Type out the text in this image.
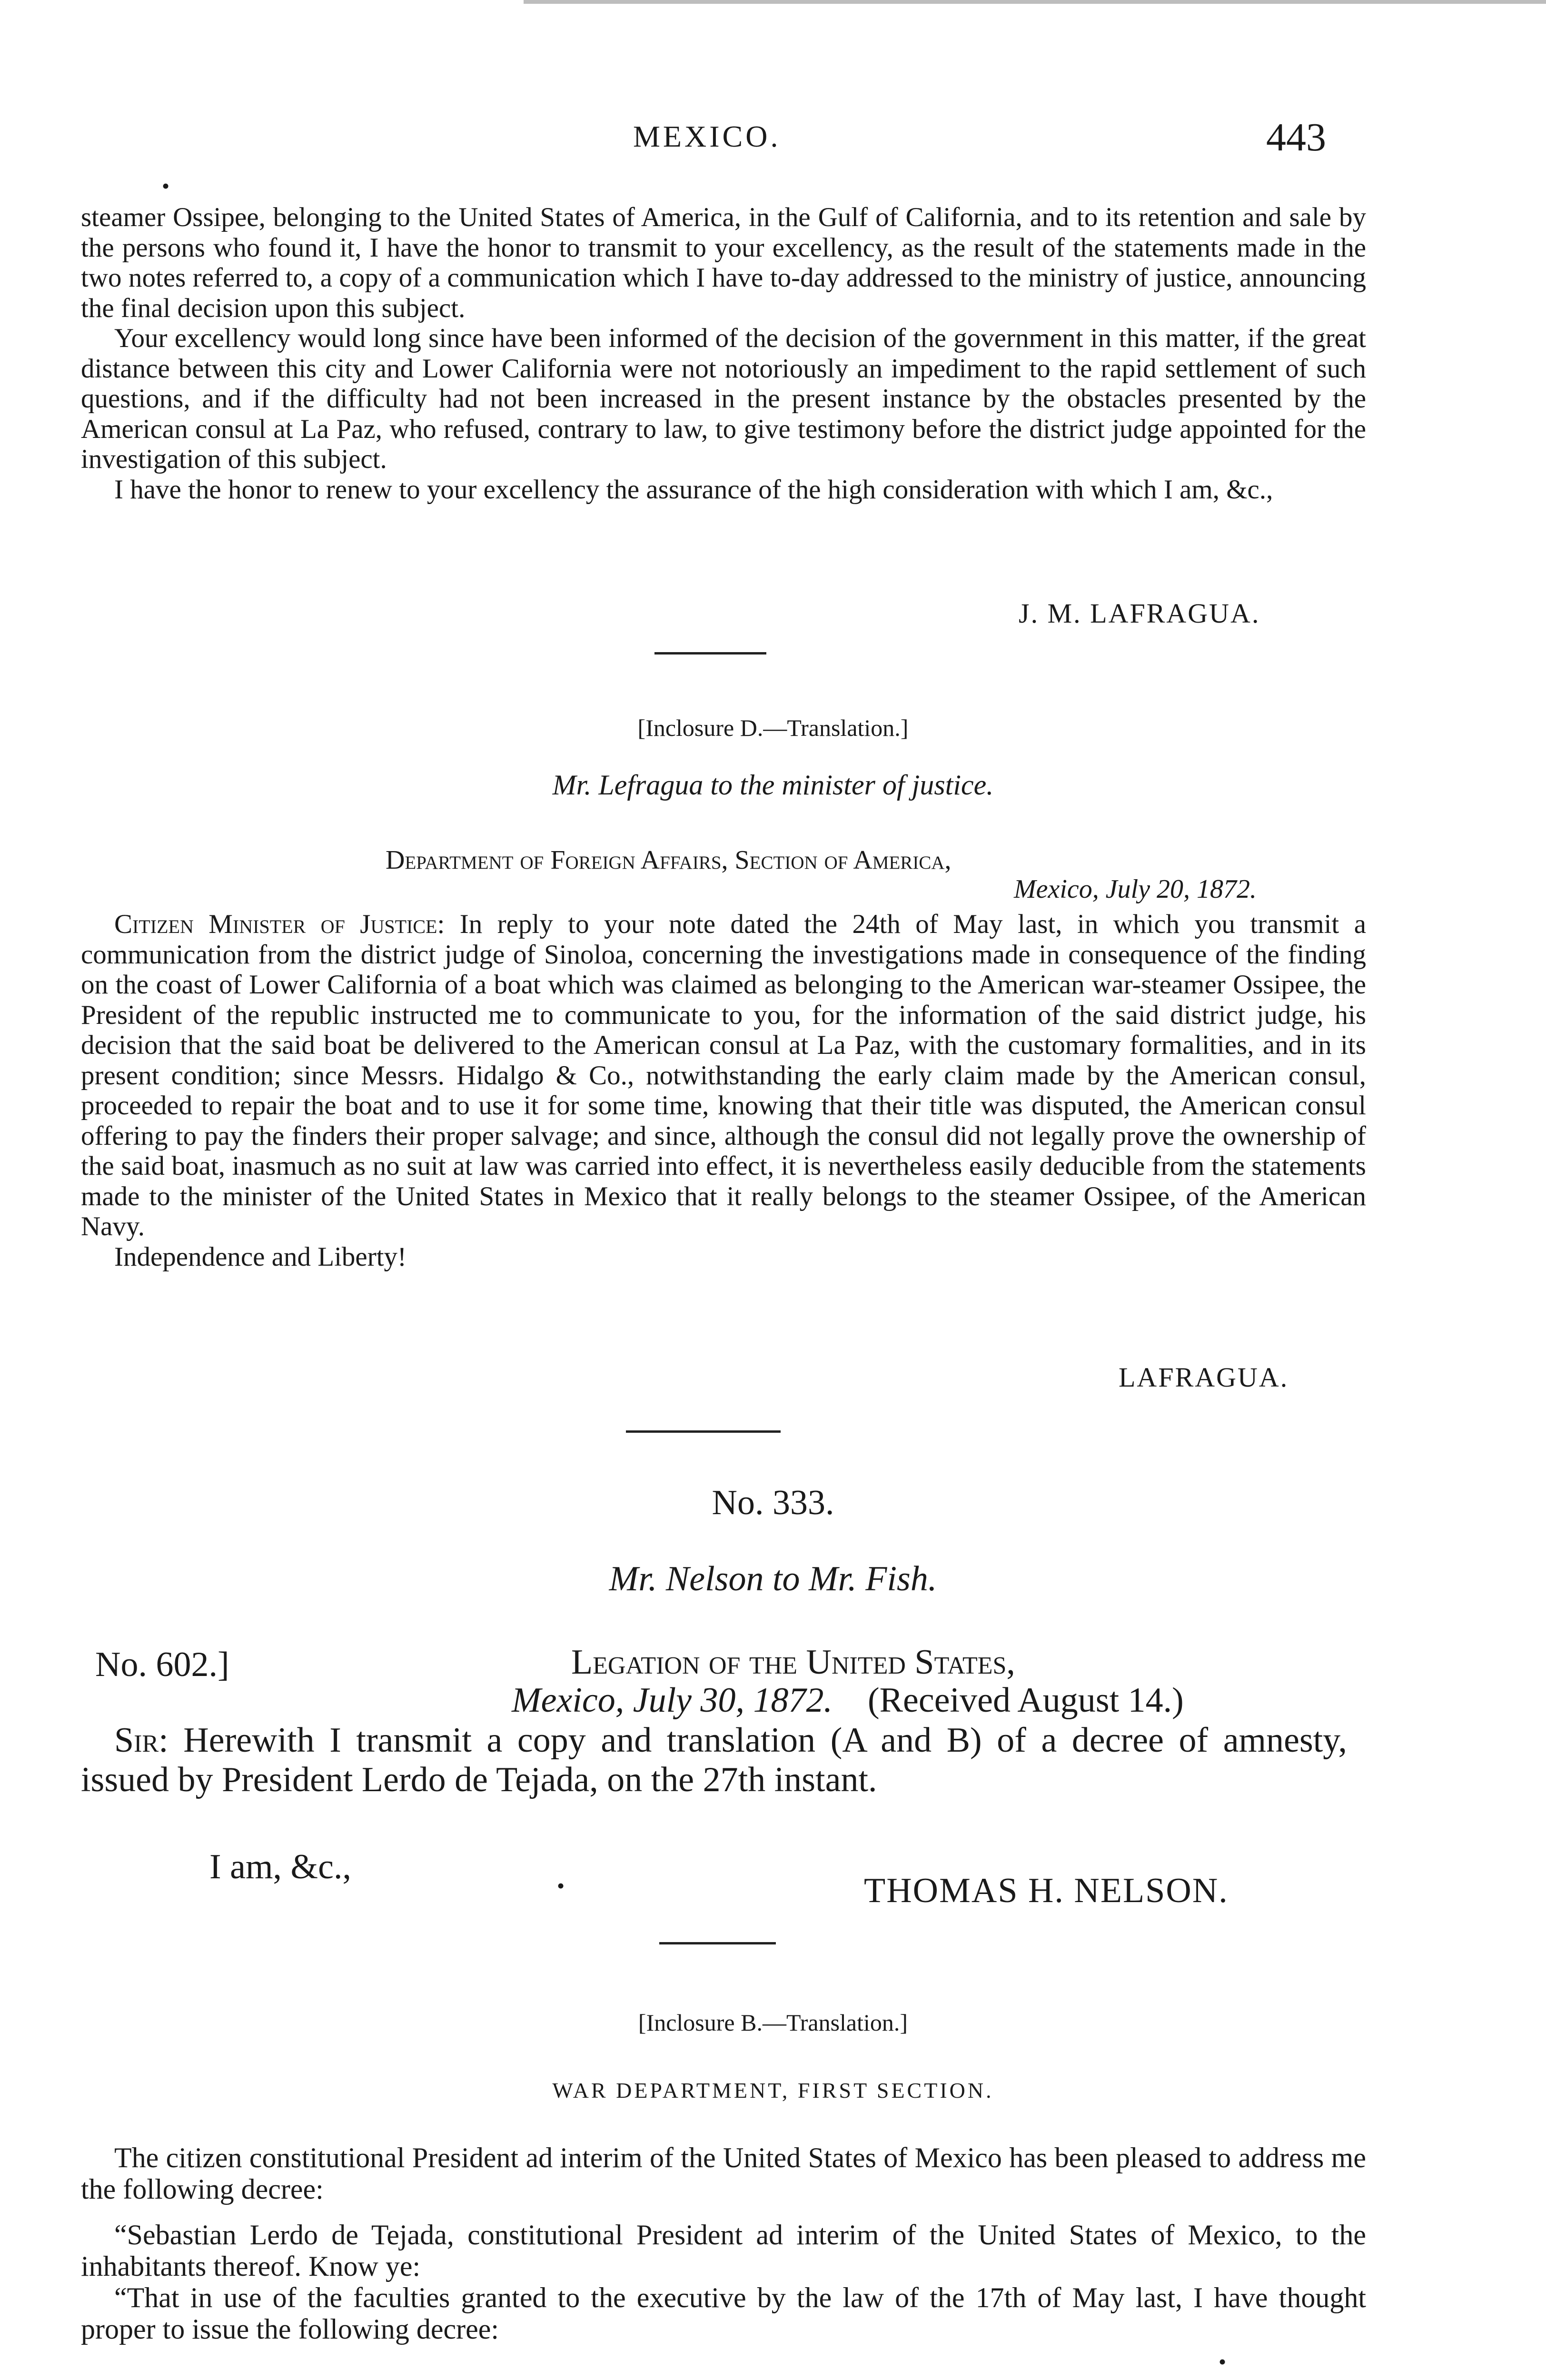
MEXICO.	443
•

steamer Ossipee, belonging to the United States of America, in the Gulf of California, and to its retention and sale by the persons who found it, I have the honor to transmit to your excellency, as the result of the statements made in the two notes referred to, a copy of a communication which I have to-day addressed to the ministry of justice, announcing the final decision upon this subject.

Your excellency would long since have been informed of the decision of the government in this matter, if the great distance between this city and Lower California were not notoriously an impediment to the rapid settlement of such questions, and if the difficulty had not been increased in the present instance by the obstacles presented by the American consul at La Paz, who refused, contrary to law, to give testimony before the district judge appointed for the investigation of this subject.

I have the honor to renew to your excellency the assurance of the high consideration with which I am, &c.,

J. M. LAFRAGUA.
[Inclosure D.—Translation.]
Mr. Lefragua to the minister of justice.
Department of Foreign Affairs, Section of America,
Mexico, July 20, 1872.

Citizen Minister of Justice: In reply to your note dated the 24th of May last, in which you transmit a communication from the district judge of Sinoloa, concerning the investigations made in consequence of the finding on the coast of Lower California of a boat which was claimed as belonging to the American war-steamer Ossipee, the President of the republic instructed me to communicate to you, for the information of the said district judge, his decision that the said boat be delivered to the American consul at La Paz, with the customary formalities, and in its present condition; since Messrs. Hidalgo & Co., notwithstanding the early claim made by the American consul, proceeded to repair the boat and to use it for some time, knowing that their title was disputed, the American consul offering to pay the finders their proper salvage; and since, although the consul did not legally prove the ownership of the said boat, inasmuch as no suit at law was carried into effect, it is nevertheless easily deducible from the statements made to the minister of the United States in Mexico that it really belongs to the steamer Ossipee, of the American Navy.

Independence and Liberty!

LAFRAGUA.
No. 333.
Mr. Nelson to Mr. Fish.
No. 602.]	Legation of the United States,
Mexico, July 30, 1872.  (Received August 14.)

Sir: Herewith I transmit a copy and translation (A and B) of a decree of amnesty, issued by President Lerdo de Tejada, on the 27th instant.

I am, &c.,	•	THOMAS H. NELSON.
[Inclosure B.—Translation.]
WAR DEPARTMENT, FIRST SECTION.

The citizen constitutional President ad interim of the United States of Mexico has been pleased to address me the following decree:

“Sebastian Lerdo de Tejada, constitutional President ad interim of the United States of Mexico, to the inhabitants thereof. Know ye:

“That in use of the faculties granted to the executive by the law of the 17th of May last, I have thought proper to issue the following decree:

•
